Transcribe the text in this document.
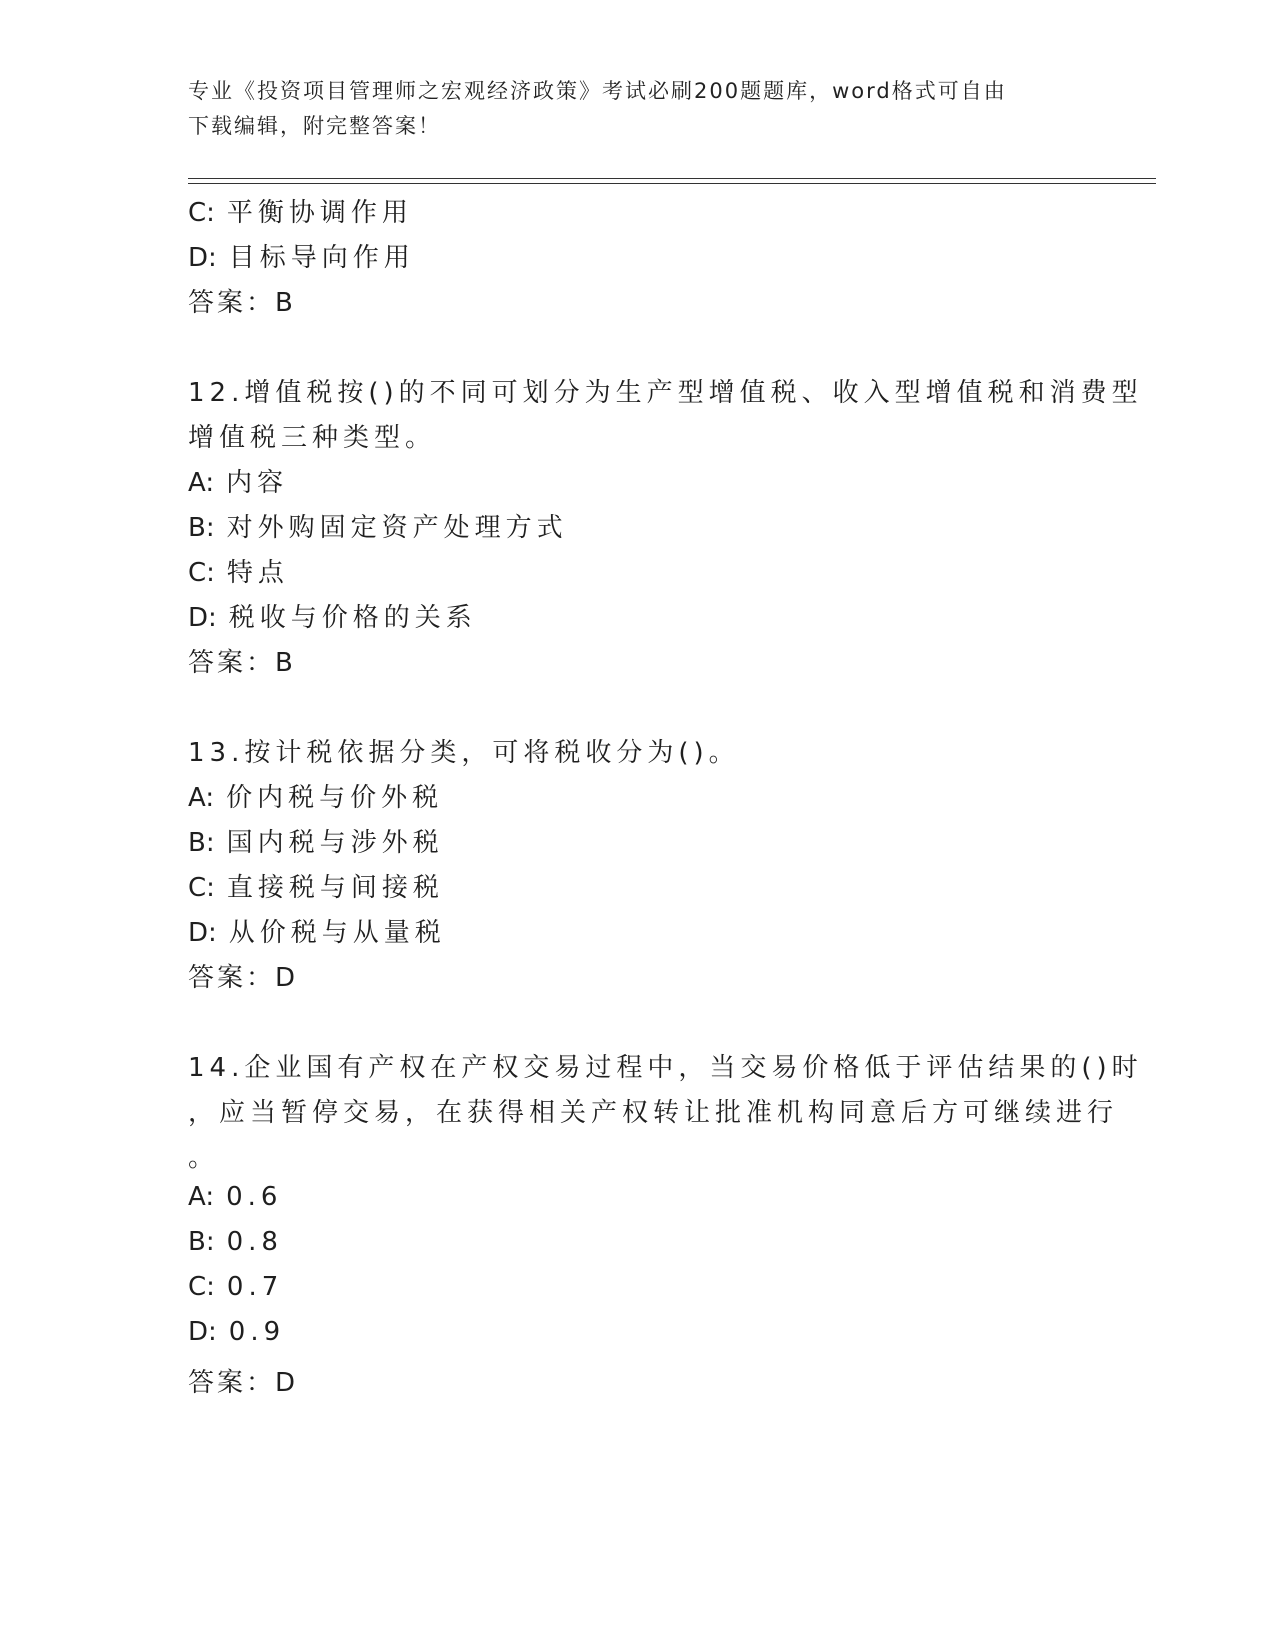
专业《投资项目管理师之宏观经济政策》考试必刷200题题库，word格式可自由
下载编辑，附完整答案！
C: 平衡协调作用
D: 目标导向作用
答案：B
12.增值税按()的不同可划分为生产型增值税、收入型增值税和消费型
增值税三种类型。
A: 内容
B: 对外购固定资产处理方式
C: 特点
D: 税收与价格的关系
答案：B
13.按计税依据分类，可将税收分为()。
A: 价内税与价外税
B: 国内税与涉外税
C: 直接税与间接税
D: 从价税与从量税
答案：D
14.企业国有产权在产权交易过程中，当交易价格低于评估结果的()时
，应当暂停交易，在获得相关产权转让批准机构同意后方可继续进行
。
A: 0.6
B: 0.8
C: 0.7
D: 0.9
答案：D
